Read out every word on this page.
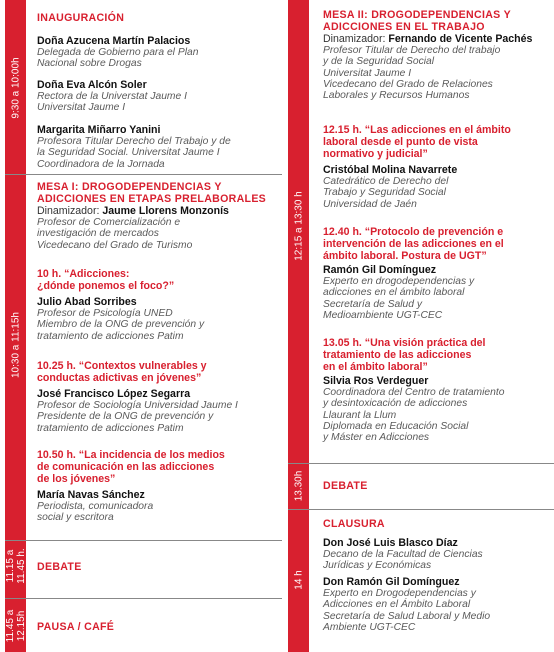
9:30 a 10:00h
10:30 a 11:15h
11.15 a 11.45 h.
11.45 a 12.15h
12:15 a 13:30 h
13.30h
14 h
INAUGURACIÓN
Doña Azucena Martín Palacios
Delegada de Gobierno para el Plan
Nacional sobre Drogas
Doña Eva Alcón Soler
Rectora de la Universtat Jaume I
Universitat Jaume I
Margarita Miñarro Yanini
Profesora Titular Derecho del Trabajo y de
la Seguridad Social. Universitat Jaume I
Coordinadora de la Jornada
MESA I: DROGODEPENDENCIAS Y
ADICCIONES EN ETAPAS PRELABORALES
Dinamizador: Jaume Llorens Monzonís
Profesor de Comercialización e
investigación de mercados
Vicedecano del Grado de Turismo
10 h. “Adicciones:
¿dónde ponemos el foco?”
Julio Abad Sorribes
Profesor de Psicología UNED
Miembro de la ONG de prevención y
tratamiento de adicciones Patim
10.25 h. “Contextos vulnerables y
conductas adictivas en jóvenes”
José Francisco López Segarra
Profesor de Sociología Universidad Jaume I
Presidente de la ONG de prevención y
tratamiento de adicciones Patim
10.50 h. “La incidencia de los medios
de comunicación en las adicciones
de los jóvenes”
María Navas Sánchez
Periodista, comunicadora
social y escritora
DEBATE
PAUSA / CAFÉ
MESA II: DROGODEPENDENCIAS Y
ADICCIONES EN EL TRABAJO
Dinamizador: Fernando de Vicente Pachés
Profesor Titular de Derecho del trabajo
y de la Seguridad Social
Universitat Jaume I
Vicedecano del Grado de Relaciones
Laborales y Recursos Humanos
12.15 h. “Las adicciones en el ámbito
laboral desde el punto de vista
normativo y judicial”
Cristóbal Molina Navarrete
Catedrático de Derecho del
Trabajo y Seguridad Social
Universidad de Jaén
12.40 h. “Protocolo de prevención e
intervención de las adicciones en el
ámbito laboral. Postura de UGT”
Ramón Gil Domínguez
Experto en drogodependencias y
adicciones en el ámbito laboral
Secretaría de Salud y
Medioambiente UGT-CEC
13.05 h. “Una visión práctica del
tratamiento de las adicciones
en el ámbito laboral”
Silvia Ros Verdeguer
Coordinadora del Centro de tratamiento
y desintoxicación de adicciones
Llaurant la Llum
Diplomada en Educación Social
y Máster en Adicciones
DEBATE
CLAUSURA
Don José Luis Blasco Díaz
Decano de la Facultad de Ciencias
Jurídicas y Económicas
Don Ramón Gil Domínguez
Experto en Drogodependencias y
Adicciones en el Ámbito Laboral
Secretaría de Salud Laboral y Medio
Ambiente UGT-CEC
